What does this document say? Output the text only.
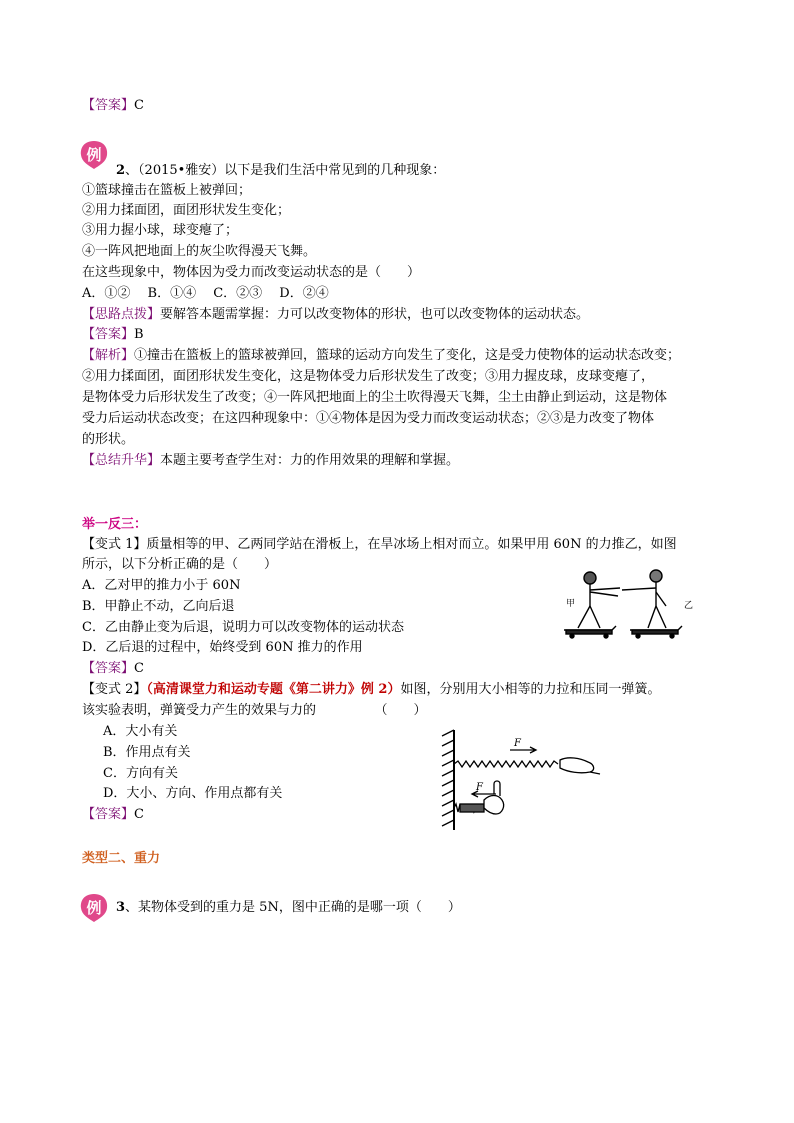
【答案】C
例
2、（2015•雅安）以下是我们生活中常见到的几种现象：
①篮球撞击在篮板上被弹回；
②用力揉面团，面团形状发生变化；
③用力握小球，球变瘪了；
④一阵风把地面上的灰尘吹得漫天飞舞。
在这些现象中，物体因为受力而改变运动状态的是（　　）
A．①②　 B．①④　 C．②③　 D．②④
【思路点拨】要解答本题需掌握：力可以改变物体的形状，也可以改变物体的运动状态。
【答案】B
【解析】①撞击在篮板上的篮球被弹回，篮球的运动方向发生了变化，这是受力使物体的运动状态改变；
②用力揉面团，面团形状发生变化，这是物体受力后形状发生了改变；③用力握皮球，皮球变瘪了，
是物体受力后形状发生了改变；④一阵风把地面上的尘土吹得漫天飞舞，尘土由静止到运动，这是物体
受力后运动状态改变；在这四种现象中：①④物体是因为受力而改变运动状态；②③是力改变了物体
的形状。
【总结升华】本题主要考查学生对：力的作用效果的理解和掌握。
举一反三：
【变式 1】质量相等的甲、乙两同学站在滑板上，在旱冰场上相对而立。如果甲用 60N 的力推乙，如图
所示，以下分析正确的是（　　）
A．乙对甲的推力小于 60N
B．甲静止不动，乙向后退
C．乙由静止变为后退，说明力可以改变物体的运动状态
D．乙后退的过程中，始终受到 60N 推力的作用
【答案】C
甲	乙
【变式 2】（高清课堂力和运动专题《第二讲力》例 2）如图，分别用大小相等的力拉和压同一弹簧。
该实验表明，弹簧受力产生的效果与力的　　　　　（　　）
A．大小有关
B．作用点有关
C．方向有关
D．大小、方向、作用点都有关
【答案】C
F
F
类型二、重力
例 3、某物体受到的重力是 5N，图中正确的是哪一项（　　）
